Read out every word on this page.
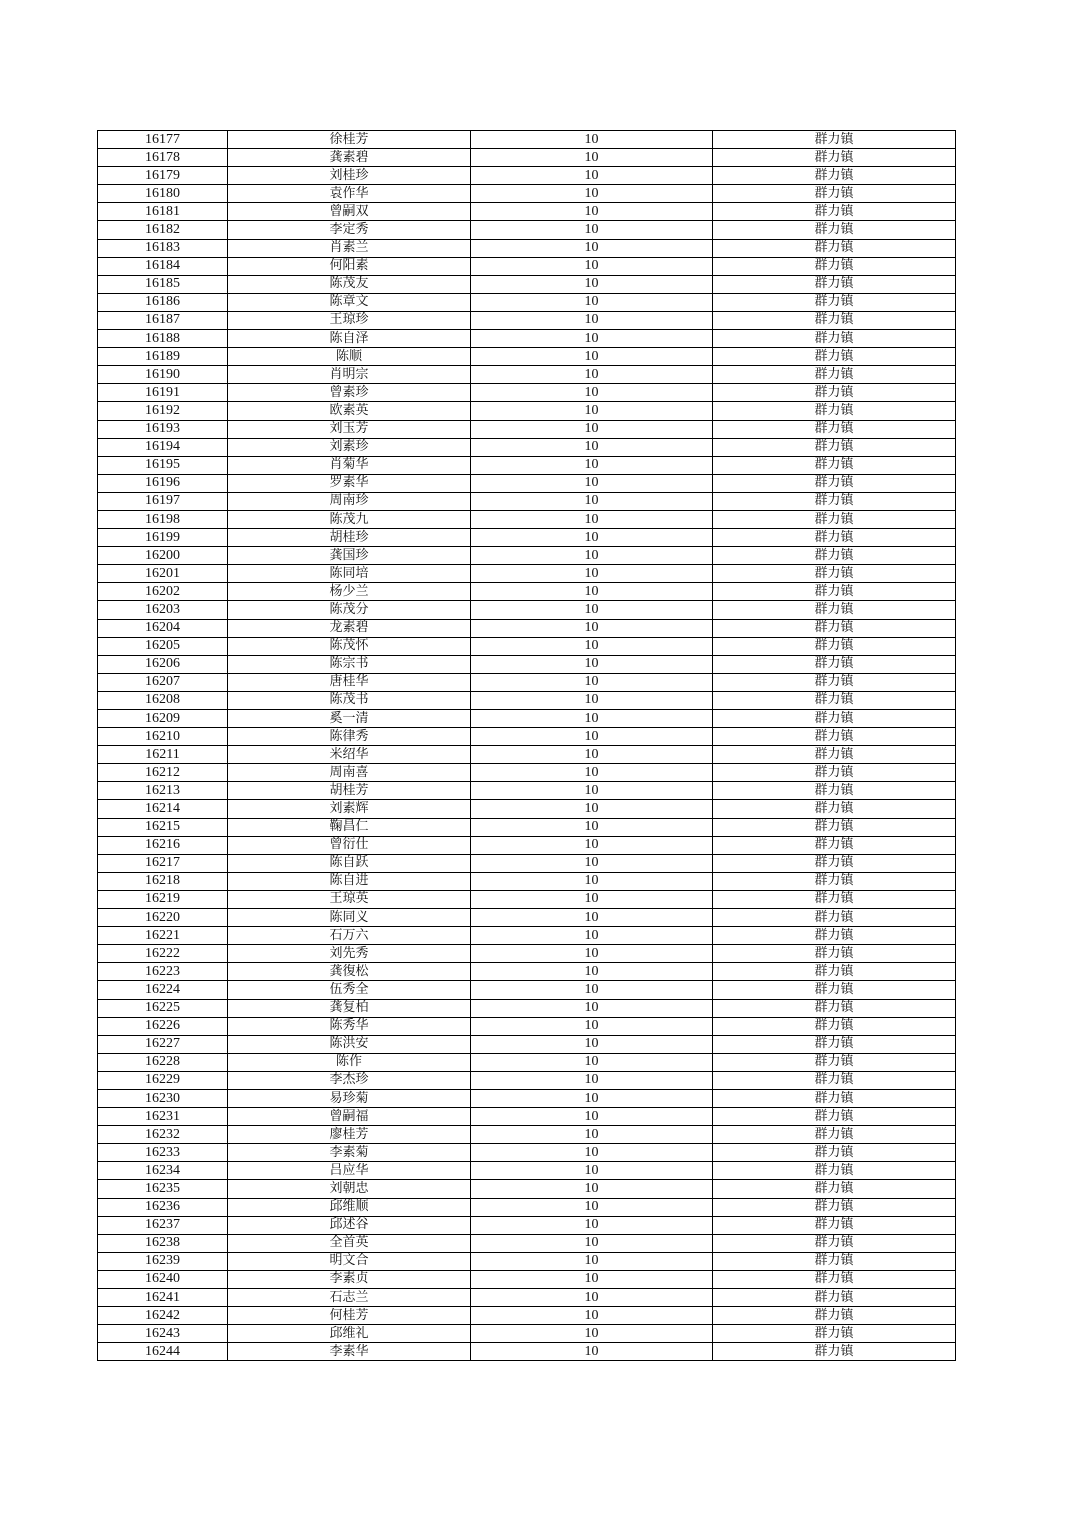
16177	徐桂芳	10	群力镇
16178	龚素碧	10	群力镇
16179	刘桂珍	10	群力镇
16180	袁作华	10	群力镇
16181	曾嗣双	10	群力镇
16182	李定秀	10	群力镇
16183	肖素兰	10	群力镇
16184	何阳素	10	群力镇
16185	陈茂友	10	群力镇
16186	陈章文	10	群力镇
16187	王琼珍	10	群力镇
16188	陈自泽	10	群力镇
16189	陈顺	10	群力镇
16190	肖明宗	10	群力镇
16191	曾素珍	10	群力镇
16192	欧素英	10	群力镇
16193	刘玉芳	10	群力镇
16194	刘素珍	10	群力镇
16195	肖菊华	10	群力镇
16196	罗素华	10	群力镇
16197	周南珍	10	群力镇
16198	陈茂九	10	群力镇
16199	胡桂珍	10	群力镇
16200	龚国珍	10	群力镇
16201	陈同培	10	群力镇
16202	杨少兰	10	群力镇
16203	陈茂分	10	群力镇
16204	龙素碧	10	群力镇
16205	陈茂怀	10	群力镇
16206	陈宗书	10	群力镇
16207	唐桂华	10	群力镇
16208	陈茂书	10	群力镇
16209	奚一清	10	群力镇
16210	陈律秀	10	群力镇
16211	米绍华	10	群力镇
16212	周南喜	10	群力镇
16213	胡桂芳	10	群力镇
16214	刘素辉	10	群力镇
16215	鞠昌仁	10	群力镇
16216	曾衍仕	10	群力镇
16217	陈自跃	10	群力镇
16218	陈自进	10	群力镇
16219	王琼英	10	群力镇
16220	陈同义	10	群力镇
16221	石万六	10	群力镇
16222	刘先秀	10	群力镇
16223	龚復松	10	群力镇
16224	伍秀全	10	群力镇
16225	龚复柏	10	群力镇
16226	陈秀华	10	群力镇
16227	陈洪安	10	群力镇
16228	陈作	10	群力镇
16229	李杰珍	10	群力镇
16230	易珍菊	10	群力镇
16231	曾嗣福	10	群力镇
16232	廖桂芳	10	群力镇
16233	李素菊	10	群力镇
16234	吕应华	10	群力镇
16235	刘朝忠	10	群力镇
16236	邱维顺	10	群力镇
16237	邱述谷	10	群力镇
16238	全首英	10	群力镇
16239	明文合	10	群力镇
16240	李素贞	10	群力镇
16241	石志兰	10	群力镇
16242	何桂芳	10	群力镇
16243	邱维礼	10	群力镇
16244	李素华	10	群力镇
